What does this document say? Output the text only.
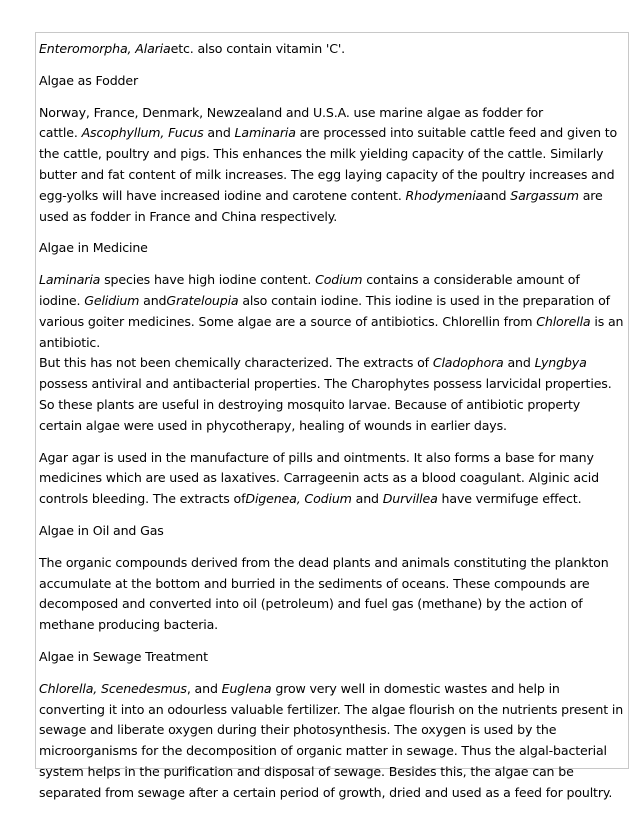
Enteromorpha, Alariaetc. also contain vitamin 'C'.

Algae as Fodder

Norway, France, Denmark, Newzealand and U.S.A. use marine algae as fodder for
cattle. Ascophyllum, Fucus and Laminaria are processed into suitable cattle feed and given to the cattle, poultry and pigs. This enhances the milk yielding capacity of the cattle. Similarly butter and fat content of milk increases. The egg laying capacity of the poultry increases and egg-yolks will have increased iodine and carotene content. Rhodymeniaand Sargassum are used as fodder in France and China respectively.

Algae in Medicine

Laminaria species have high iodine content. Codium contains a considerable amount of
iodine. Gelidium andGrateloupia also contain iodine. This iodine is used in the preparation of various goiter medicines. Some algae are a source of antibiotics. Chlorellin from Chlorella is an antibiotic.
But this has not been chemically characterized. The extracts of Cladophora and Lyngbya possess antiviral and antibacterial properties. The Charophytes possess larvicidal properties. So these plants are useful in destroying mosquito larvae. Because of antibiotic property certain algae were used in phycotherapy, healing of wounds in earlier days.

Agar agar is used in the manufacture of pills and ointments. It also forms a base for many medicines which are used as laxatives. Carrageenin acts as a blood coagulant. Alginic acid controls bleeding. The extracts ofDigenea, Codium and Durvillea have vermifuge effect.

Algae in Oil and Gas

The organic compounds derived from the dead plants and animals constituting the plankton accumulate at the bottom and burried in the sediments of oceans. These compounds are decomposed and converted into oil (petroleum) and fuel gas (methane) by the action of methane producing bacteria.

Algae in Sewage Treatment

Chlorella, Scenedesmus, and Euglena grow very well in domestic wastes and help in converting it into an odourless valuable fertilizer. The algae flourish on the nutrients present in sewage and liberate oxygen during their photosynthesis. The oxygen is used by the microorganisms for the decomposition of organic matter in sewage. Thus the algal-bacterial system helps in the purification and disposal of sewage. Besides this, the algae can be separated from sewage after a certain period of growth, dried and used as a feed for poultry.
